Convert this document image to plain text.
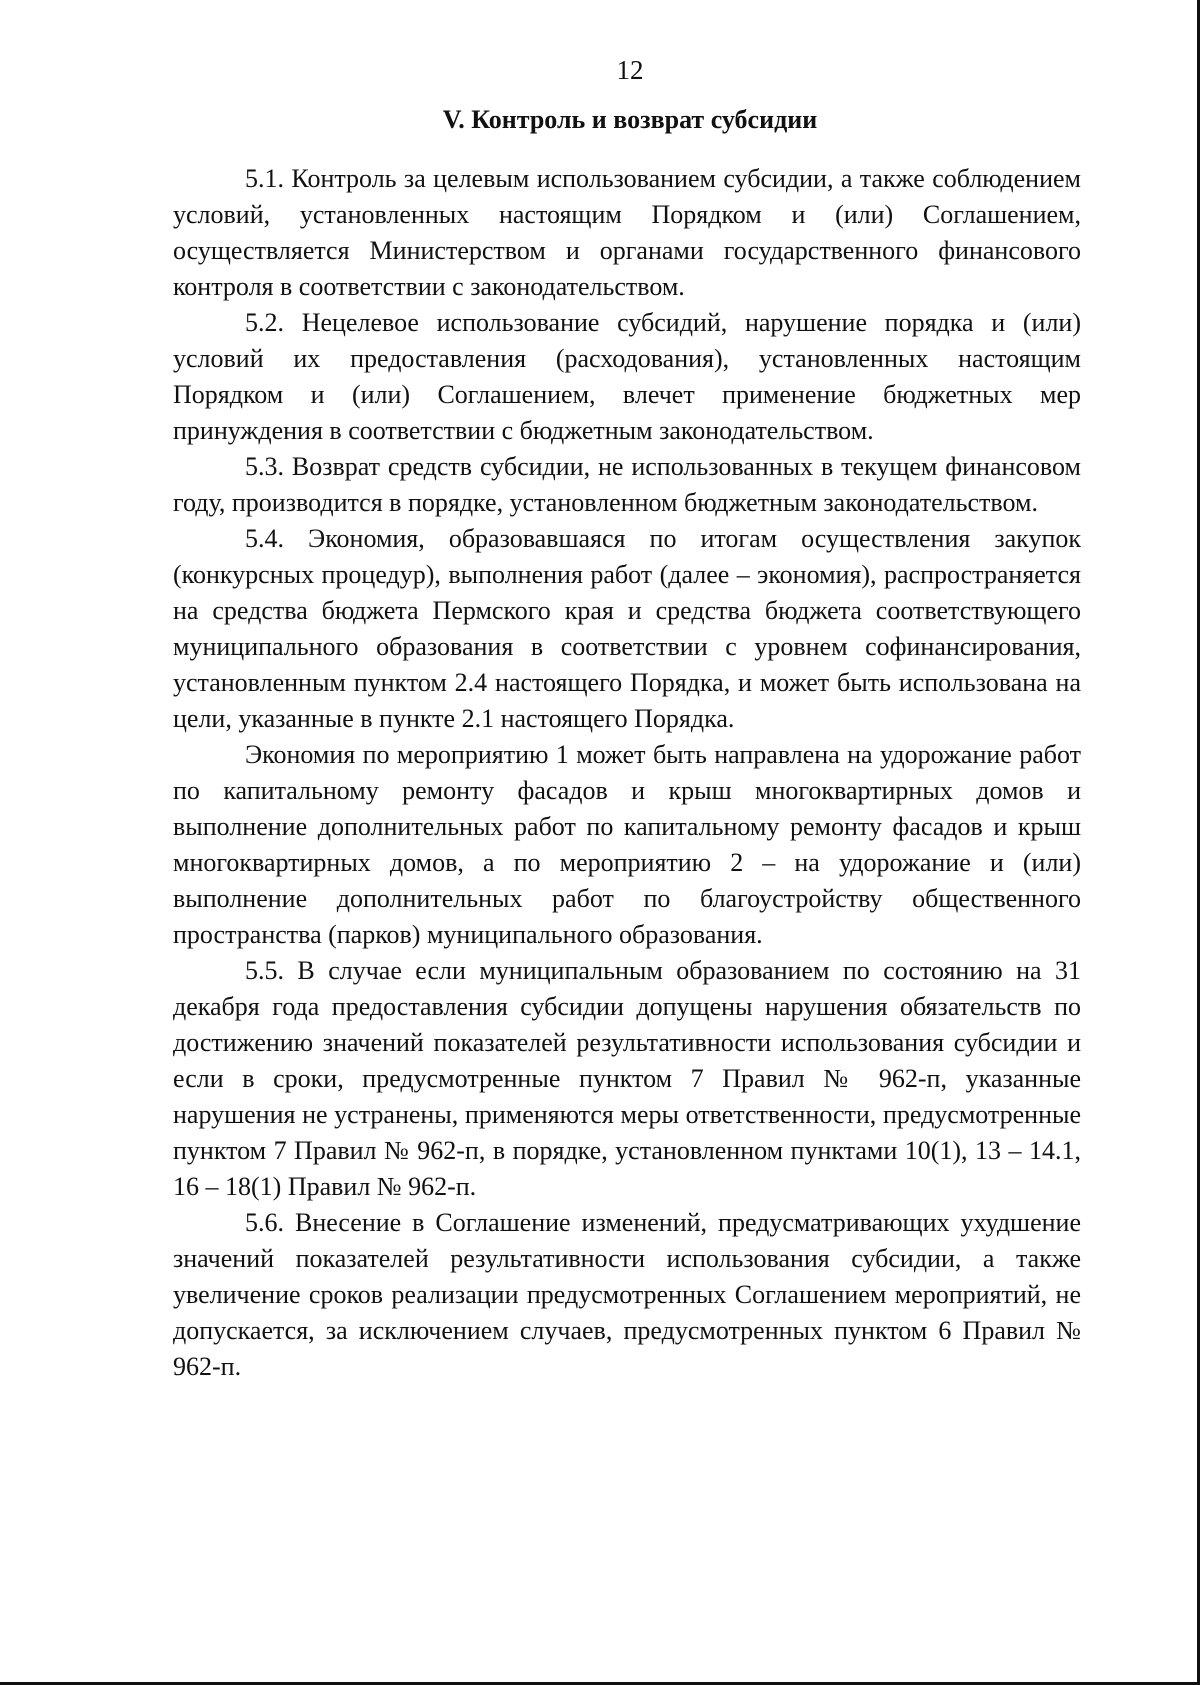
12
V. Контроль и возврат субсидии

5.1. Контроль за целевым использованием субсидии, а также соблюдением условий, установленных настоящим Порядком и (или) Соглашением, осуществляется Министерством и органами государственного финансового контроля в соответствии с законодательством.

5.2. Нецелевое использование субсидий, нарушение порядка и (или) условий их предоставления (расходования), установленных настоящим Порядком и (или) Соглашением, влечет применение бюджетных мер принуждения в соответствии с бюджетным законодательством.

5.3. Возврат средств субсидии, не использованных в текущем финансовом году, производится в порядке, установленном бюджетным законодательством.

5.4. Экономия, образовавшаяся по итогам осуществления закупок (конкурсных процедур), выполнения работ (далее – экономия), распространяется на средства бюджета Пермского края и средства бюджета соответствующего муниципального образования в соответствии с уровнем софинансирования, установленным пунктом 2.4 настоящего Порядка, и может быть использована на цели, указанные в пункте 2.1 настоящего Порядка.

Экономия по мероприятию 1 может быть направлена на удорожание работ по капитальному ремонту фасадов и крыш многоквартирных домов и выполнение дополнительных работ по капитальному ремонту фасадов и крыш многоквартирных домов, а по мероприятию 2 – на удорожание и (или) выполнение дополнительных работ по благоустройству общественного пространства (парков) муниципального образования.

5.5. В случае если муниципальным образованием по состоянию на 31 декабря года предоставления субсидии допущены нарушения обязательств по достижению значений показателей результативности использования субсидии и если в сроки, предусмотренные пунктом 7 Правил № 962-п, указанные нарушения не устранены, применяются меры ответственности, предусмотренные пунктом 7 Правил № 962-п, в порядке, установленном пунктами 10(1), 13 – 14.1, 16 – 18(1) Правил № 962-п.

5.6. Внесение в Соглашение изменений, предусматривающих ухудшение значений показателей результативности использования субсидии, а также увеличение сроков реализации предусмотренных Соглашением мероприятий, не допускается, за исключением случаев, предусмотренных пунктом 6 Правил № 962-п.
